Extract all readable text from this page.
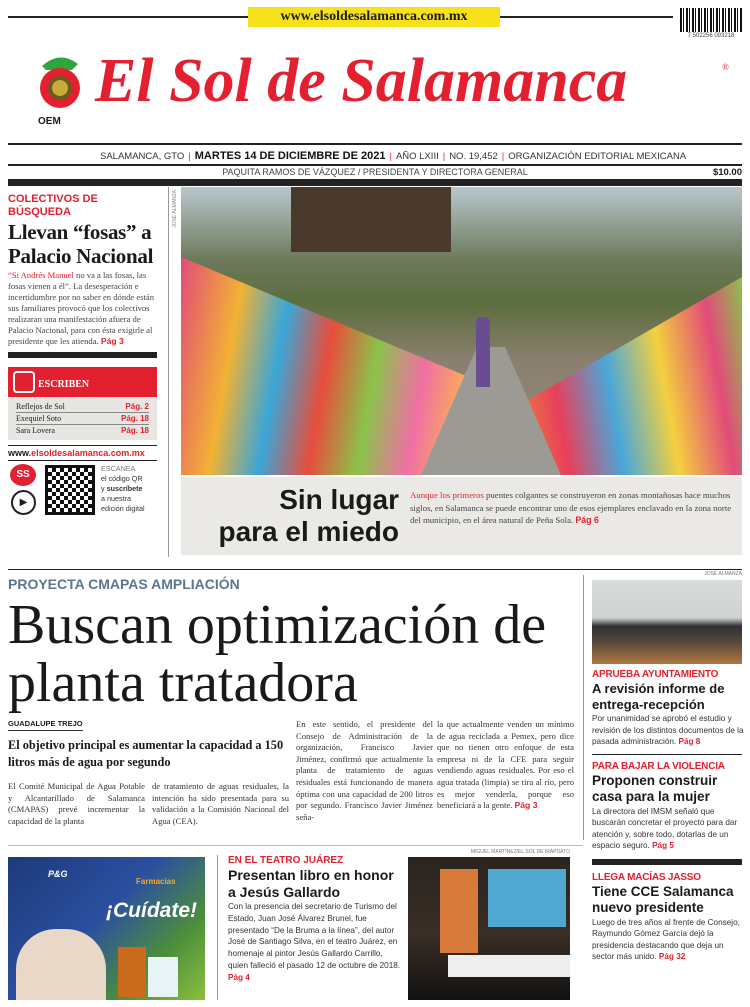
www.elsoldesalamanca.com.mx
7 502256 093218
OEM
El Sol de Salamanca	®
SALAMANCA, GTO | MARTES 14 DE DICIEMBRE DE 2021 | AÑO LXIII | NO. 19,452 | ORGANIZACIÓN EDITORIAL MEXICANA
PAQUITA RAMOS DE VÁZQUEZ / PRESIDENTA Y DIRECTORA GENERAL	$10.00
COLECTIVOS DE BÚSQUEDA
Llevan “fosas” a Palacio Nacional
“Si Andrés Manuel no va a las fosas, las fosas vienen a él”. La desesperación e incertidumbre por no saber en dónde están sus familiares provocó que los colectivos realizaran una manifestación afuera de Palacio Nacional, para con ésta exigirle al presidente que les atienda. Pág 3
ESCRIBEN
Reflejos de Sol	Pág. 2
Exequiel Soto	Pág. 18
Sara Lovera	Pág. 18
www.elsoldesalamanca.com.mx
SS
▶
ESCANEA
el código QR
y suscríbete
a nuestra
edición digital
JOSÉ ALMANZA
Sin lugar
para el miedo
Aunque los primeros puentes colgantes se construyeron en zonas montañosas hace muchos siglos, en Salamanca se puede encontrar uno de esos ejemplares enclavado en la zona norte del municipio, en el área natural de Peña Sola. Pág 6
PROYECTA CMAPAS AMPLIACIÓN
Buscan optimización de planta tratadora
GUADALUPE TREJO
El objetivo principal es aumentar la capacidad a 150 litros más de agua por segundo
El Comité Municipal de Agua Potable y Alcantarillado de Salamanca (CMAPAS) prevé incrementar la capacidad de la planta
de tratamiento de aguas residuales, la intención ha sido presentada para su validación a la Comisión Nacional del Agua (CEA).
En este sentido, el presidente del Consejo de Administración de la organización, Francisco Javier Jiménez, confirmó que actualmente la planta de tratamiento de aguas residuales está funcionando de manera óptima con una capacidad de 200 litros por segundo. Francisco Javier Jiménez seña-
la que actualmente venden un mínimo de agua reciclada a Pemex, pero dice que no tienen otro enfoque de esta empresa ni de la CFE para seguir vendiendo aguas residuales. Por eso el agua tratada (limpia) se tira al río, pero es mejor venderla, porque eso beneficiará a la gente. Pág 3
JOSÉ ALMANZA
APRUEBA AYUNTAMIENTO
A revisión informe de entrega-recepción
Por unanimidad se aprobó el estudio y revisión de los distintos documentos de la pasada administración. Pág 8
PARA BAJAR LA VIOLENCIA
Proponen construir casa para la mujer
La directora del IMSM señaló que buscarán concretar el proyecto para dar atención y, sobre todo, dotarlas de un espacio seguro. Pág 5
LLEGA MACÍAS JASSO
Tiene CCE Salamanca nuevo presidente
Luego de tres años al frente de Consejo, Raymundo Gómez García dejó la presidencia destacando que deja un sector más unido. Pág 32
P&G
Farmacias
¡Cuídate!
EN EL TEATRO JUÁREZ
Presentan libro en honor a Jesús Gallardo
Con la presencia del secretario de Turismo del Estado, Juan José Álvarez Brunel, fue presentado “De la Bruma a la línea”, del autor José de Santiago Silva, en el teatro Juárez, en homenaje al pintor Jesús Gallardo Carrillo, quien falleció el pasado 12 de octubre de 2018. Pág 4
MIGUEL MARTÍNEZ/EL SOL DE IRAPUATO
